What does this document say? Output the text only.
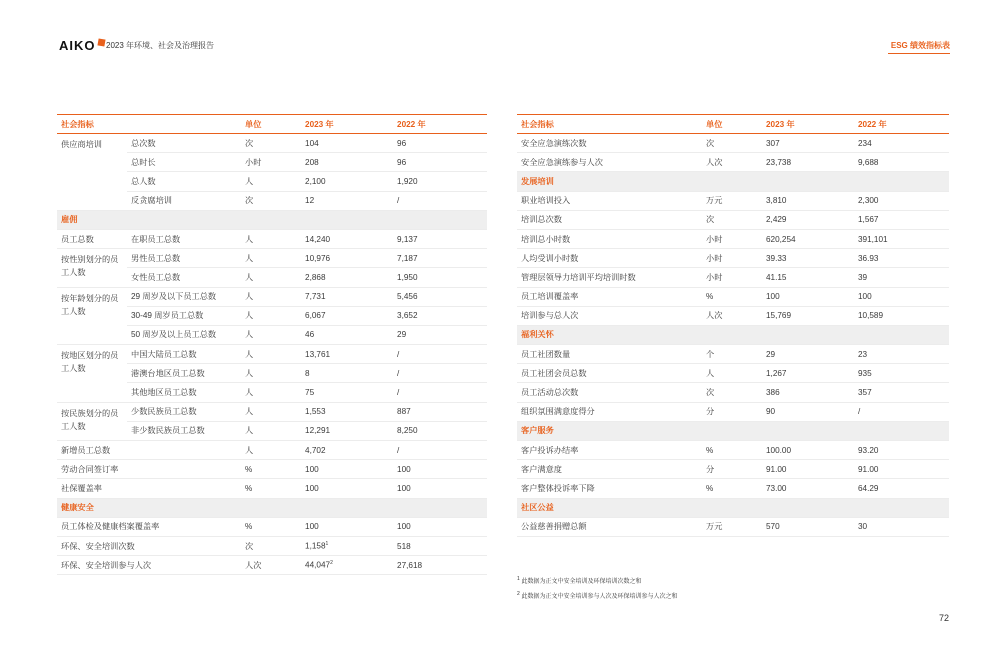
AIKO 2023 年环境、社会及治理报告	ESG 绩效指标表
社会指标		单位	2023 年	2022 年
供应商培训	总次数	次	104	96
	总时长	小时	208	96
	总人数	人	2,100	1,920
	反贪腐培训	次	12	/
雇佣				
员工总数	在职员工总数	人	14,240	9,137
按性别划分的员工人数	男性员工总数	人	10,976	7,187
	女性员工总数	人	2,868	1,950
按年龄划分的员工人数	29 周岁及以下员工总数	人	7,731	5,456
	30-49 周岁员工总数	人	6,067	3,652
	50 周岁及以上员工总数	人	46	29
按地区划分的员工人数	中国大陆员工总数	人	13,761	/
	港澳台地区员工总数	人	8	/
	其他地区员工总数	人	75	/
按民族划分的员工人数	少数民族员工总数	人	1,553	887
	非少数民族员工总数	人	12,291	8,250
新增员工总数		人	4,702	/
劳动合同签订率		%	100	100
社保覆盖率		%	100	100
健康安全				
员工体检及健康档案覆盖率		%	100	100
环保、安全培训次数		次	1,158$^1$	518
环保、安全培训参与人次		人次	44,047$^2$	27,618
社会指标	单位	2023 年	2022 年
安全应急演练次数	次	307	234
安全应急演练参与人次	人次	23,738	9,688
发展培训			
职业培训投入	万元	3,810	2,300
培训总次数	次	2,429	1,567
培训总小时数	小时	620,254	391,101
人均受训小时数	小时	39.33	36.93
管理层领导力培训平均培训时数	小时	41.15	39
员工培训覆盖率	%	100	100
培训参与总人次	人次	15,769	10,589
福利关怀			
员工社团数量	个	29	23
员工社团会员总数	人	1,267	935
员工活动总次数	次	386	357
组织氛围满意度得分	分	90	/
客户服务			
客户投诉办结率	%	100.00	93.20
客户满意度	分	91.00	91.00
客户整体投诉率下降	%	73.00	64.29
社区公益			
公益慈善捐赠总额	万元	570	30
$^1$ 此数据为正文中安全培训及环保培训次数之和
$^2$ 此数据为正文中安全培训参与人次及环保培训参与人次之和
72
